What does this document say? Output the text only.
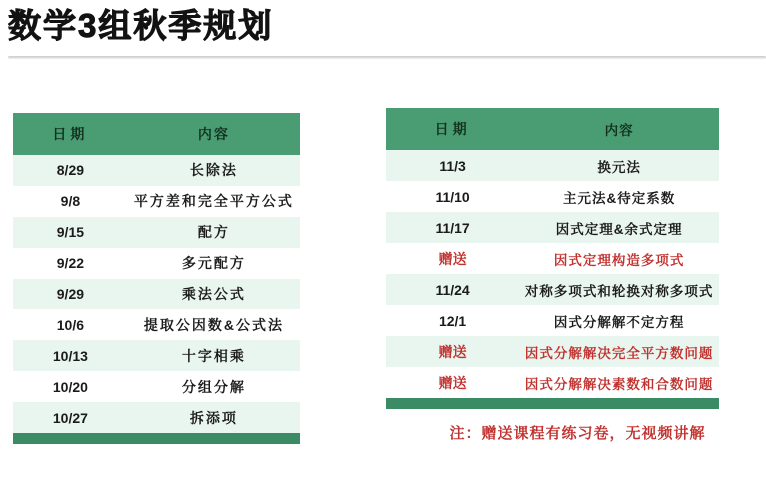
数学3组秋季规划
日期	内容
8/29	长除法
9/8	平方差和完全平方公式
9/15	配方
9/22	多元配方
9/29	乘法公式
10/6	提取公因数&公式法
10/13	十字相乘
10/20	分组分解
10/27	拆添项
日期	内容
11/3	换元法
11/10	主元法&待定系数
11/17	因式定理&余式定理
赠送	因式定理构造多项式
11/24	对称多项式和轮换对称多项式
12/1	因式分解解不定方程
赠送	因式分解解决完全平方数问题
赠送	因式分解解决素数和合数问题
注：赠送课程有练习卷，无视频讲解
